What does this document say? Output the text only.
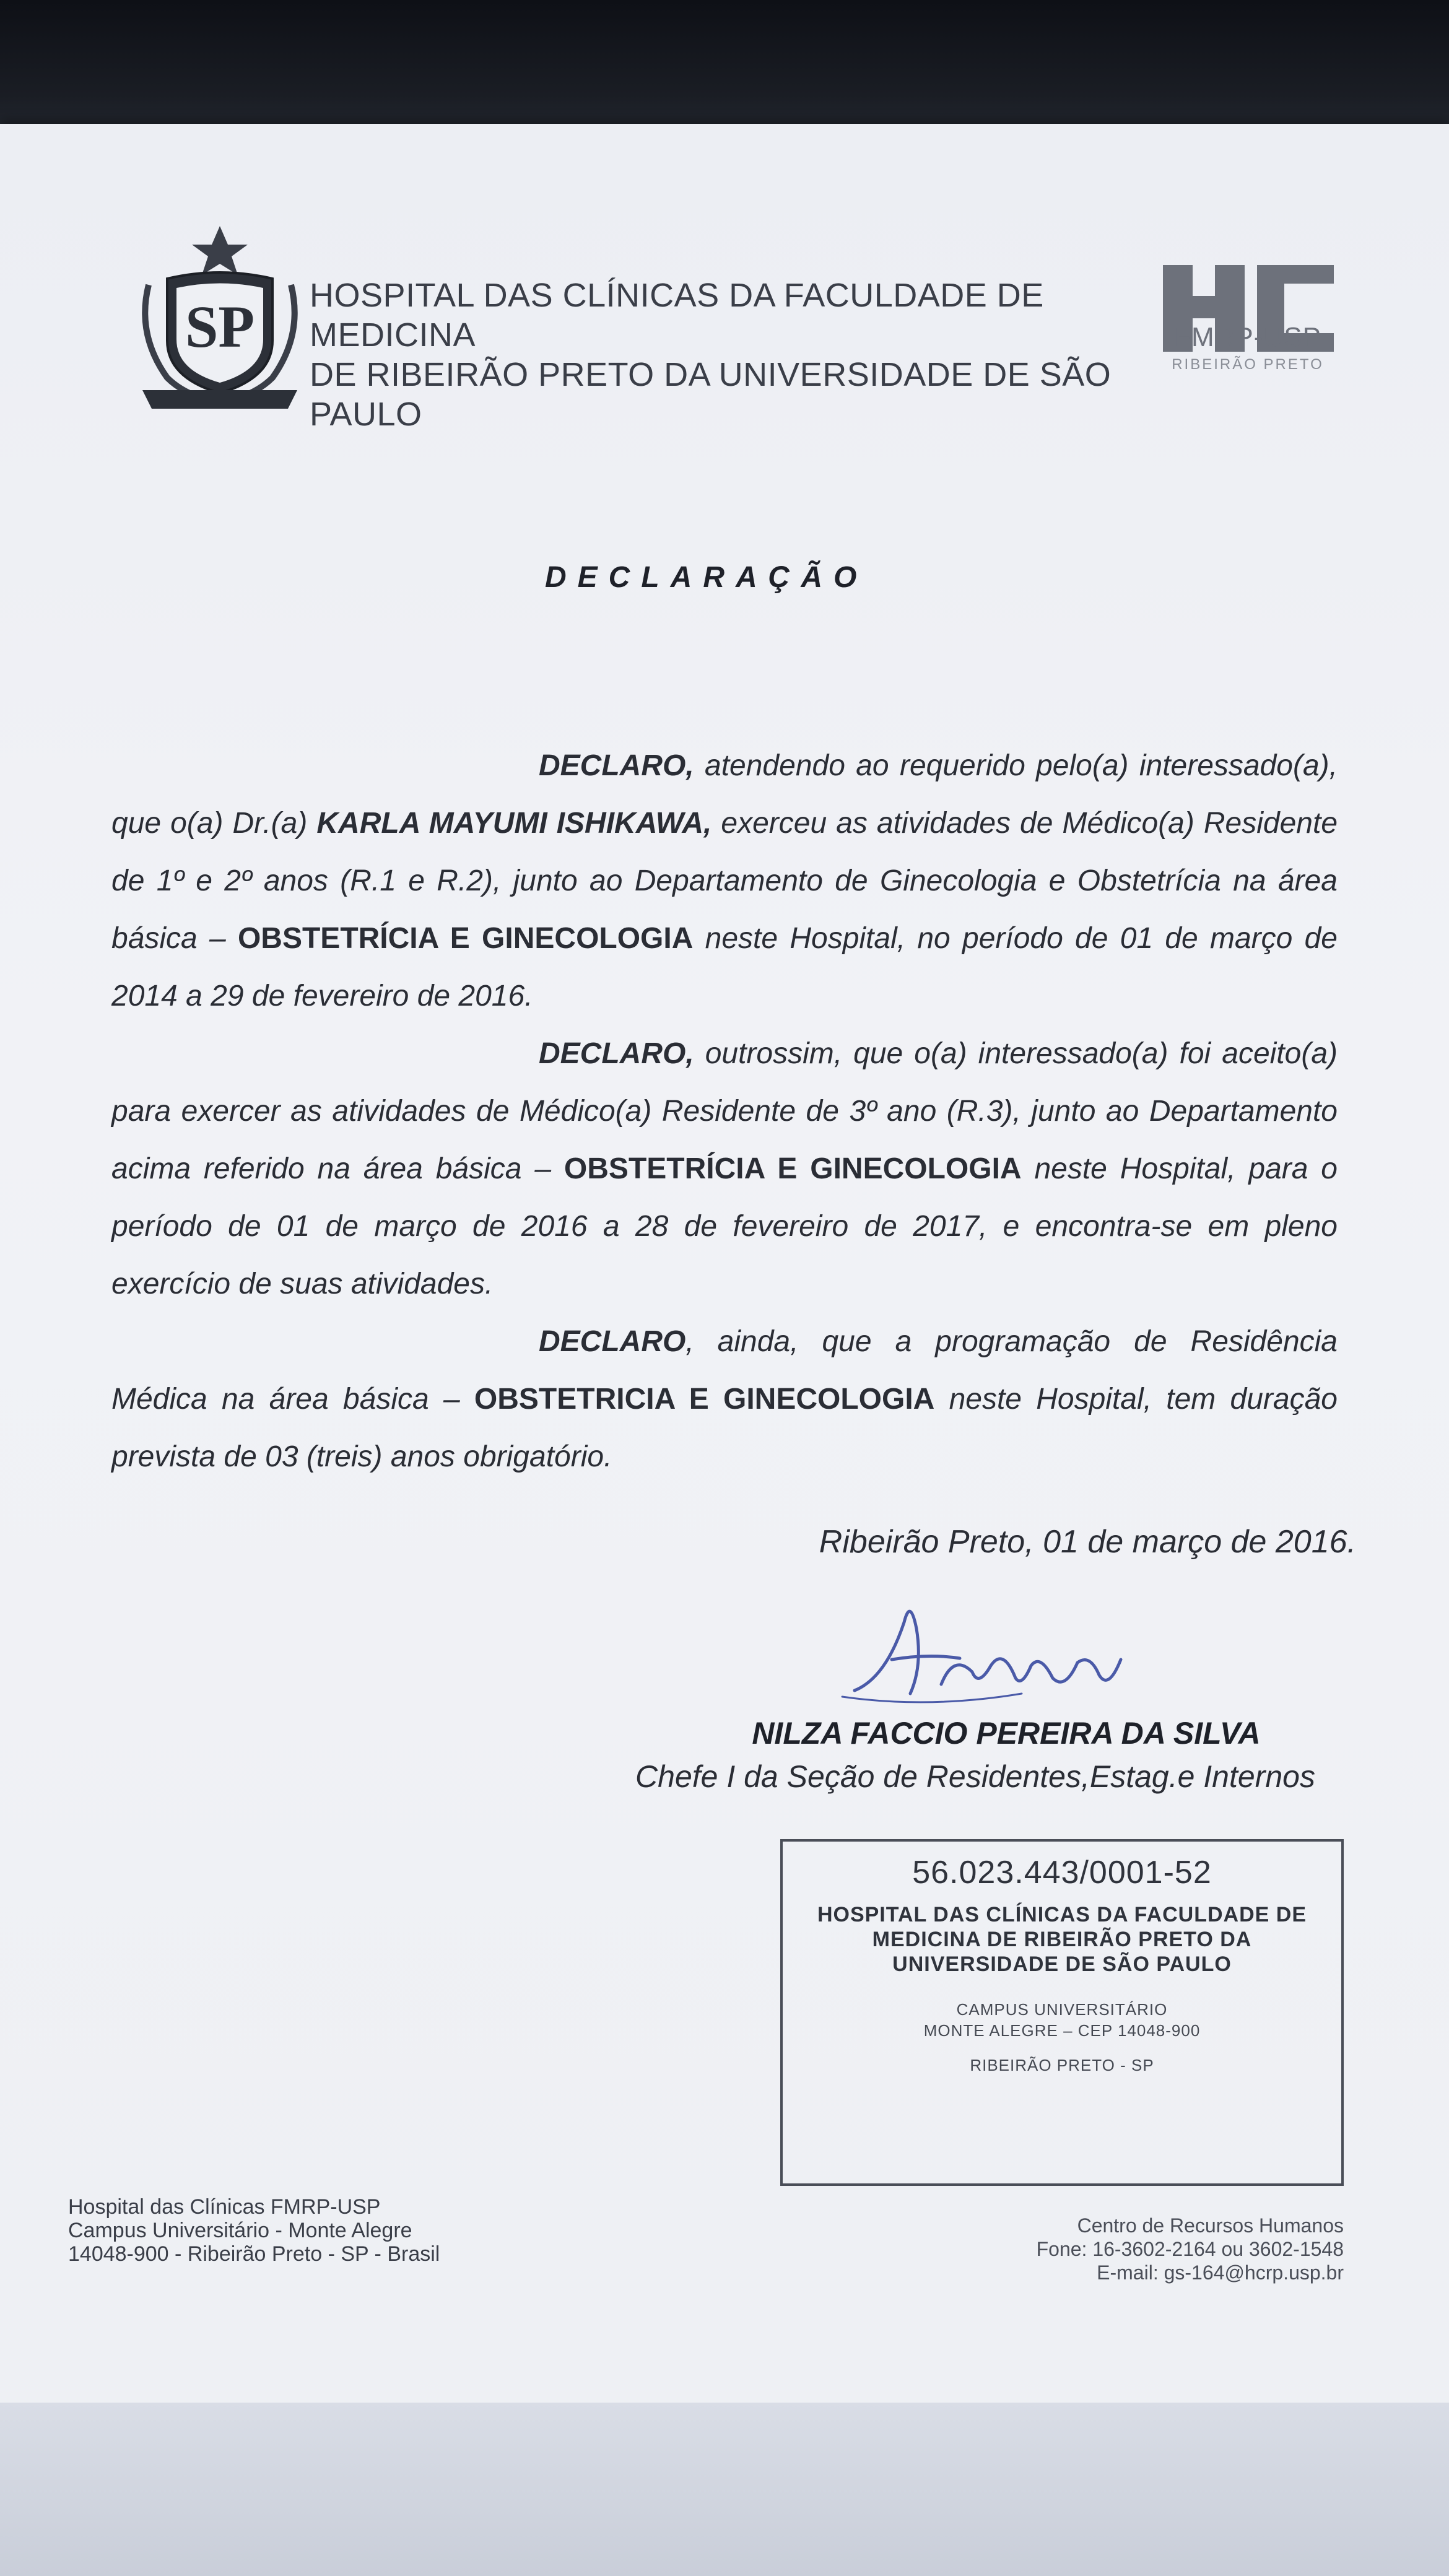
SP HOSPITAL DAS CLÍNICAS DA FACULDADE DE MEDICINA
DE RIBEIRÃO PRETO DA UNIVERSIDADE DE SÃO PAULO
HC
FMRP-USP
RIBEIRÃO PRETO
DECLARAÇÃO

DECLARO, atendendo ao requerido pelo(a) interessado(a), que o(a) Dr.(a) KARLA MAYUMI ISHIKAWA, exerceu as atividades de Médico(a) Residente de 1º e 2º anos (R.1 e R.2), junto ao Departamento de Ginecologia e Obstetrícia na área básica – OBSTETRÍCIA E GINECOLOGIA neste Hospital, no período de 01 de março de 2014 a 29 de fevereiro de 2016.

DECLARO, outrossim, que o(a) interessado(a) foi aceito(a) para exercer as atividades de Médico(a) Residente de 3º ano (R.3), junto ao Departamento acima referido na área básica – OBSTETRÍCIA E GINECOLOGIA neste Hospital, para o período de 01 de março de 2016 a 28 de fevereiro de 2017, e encontra-se em pleno exercício de suas atividades.

DECLARO, ainda, que a programação de Residência Médica na área básica – OBSTETRICIA E GINECOLOGIA neste Hospital, tem duração prevista de 03 (treis) anos obrigatório.

Ribeirão Preto, 01 de março de 2016.
NILZA FACCIO PEREIRA DA SILVA
Chefe I da Seção de Residentes,Estag.e Internos
56.023.443/0001-52
HOSPITAL DAS CLÍNICAS DA FACULDADE DE MEDICINA DE RIBEIRÃO PRETO DA UNIVERSIDADE DE SÃO PAULO
CAMPUS UNIVERSITÁRIO
MONTE ALEGRE – CEP 14048-900
RIBEIRÃO PRETO - SP
Hospital das Clínicas FMRP-USP
Campus Universitário - Monte Alegre
14048-900 - Ribeirão Preto - SP - Brasil
Centro de Recursos Humanos
Fone: 16-3602-2164 ou 3602-1548
E-mail: gs-164@hcrp.usp.br
